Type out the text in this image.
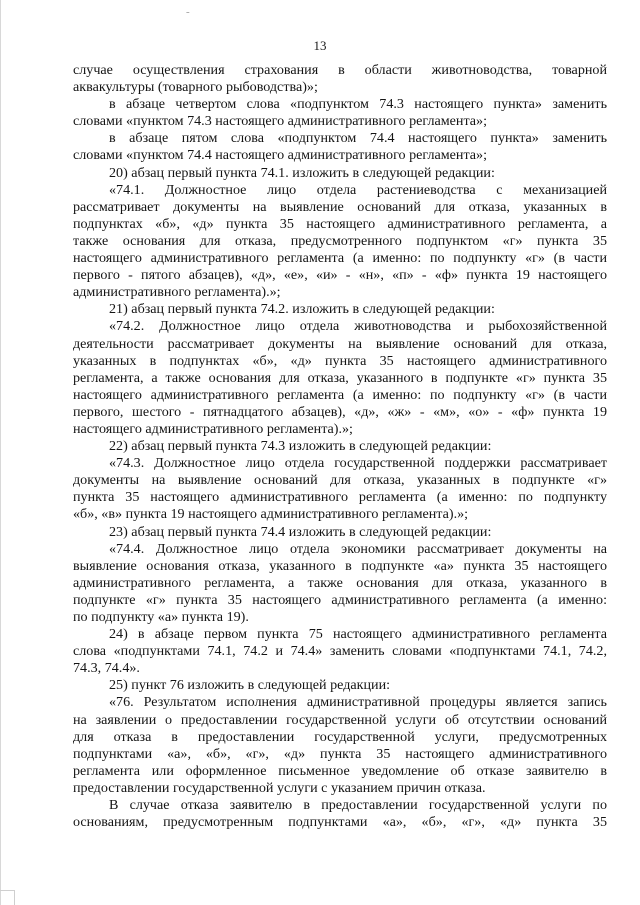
-
13
случае осуществления страхования в области животноводства, товарной
аквакультуры (товарного рыбоводства)»;
в абзаце четвертом слова «подпунктом 74.3 настоящего пункта» заменить
словами «пунктом 74.3 настоящего административного регламента»;
в абзаце пятом слова «подпунктом 74.4 настоящего пункта» заменить
словами «пунктом 74.4 настоящего административного регламента»;
20) абзац первый пункта 74.1. изложить в следующей редакции:
«74.1. Должностное лицо отдела растениеводства с механизацией
рассматривает документы на выявление оснований для отказа, указанных в
подпунктах «б», «д» пункта 35 настоящего административного регламента, а
также основания для отказа, предусмотренного подпунктом «г» пункта 35
настоящего административного регламента (а именно: по подпункту «г» (в части
первого - пятого абзацев), «д», «е», «и» - «н», «п» - «ф» пункта 19 настоящего
административного регламента).»;
21) абзац первый пункта 74.2. изложить в следующей редакции:
«74.2. Должностное лицо отдела животноводства и рыбохозяйственной
деятельности рассматривает документы на выявление оснований для отказа,
указанных в подпунктах «б», «д» пункта 35 настоящего административного
регламента, а также основания для отказа, указанного в подпункте «г» пункта 35
настоящего административного регламента (а именно: по подпункту «г» (в части
первого, шестого - пятнадцатого абзацев), «д», «ж» - «м», «о» - «ф» пункта 19
настоящего административного регламента).»;
22) абзац первый пункта 74.3 изложить в следующей редакции:
«74.3. Должностное лицо отдела государственной поддержки рассматривает
документы на выявление оснований для отказа, указанных в подпункте «г»
пункта 35 настоящего административного регламента (а именно: по подпункту
«б», «в» пункта 19 настоящего административного регламента).»;
23) абзац первый пункта 74.4 изложить в следующей редакции:
«74.4. Должностное лицо отдела экономики рассматривает документы на
выявление основания отказа, указанного в подпункте «а» пункта 35 настоящего
административного регламента, а также основания для отказа, указанного в
подпункте «г» пункта 35 настоящего административного регламента (а именно:
по подпункту «а» пункта 19).
24) в абзаце первом пункта 75 настоящего административного регламента
слова «подпунктами 74.1, 74.2 и 74.4» заменить словами «подпунктами 74.1, 74.2,
74.3, 74.4».
25) пункт 76 изложить в следующей редакции:
«76. Результатом исполнения административной процедуры является запись
на заявлении о предоставлении государственной услуги об отсутствии оснований
для отказа в предоставлении государственной услуги, предусмотренных
подпунктами «а», «б», «г», «д» пункта 35 настоящего административного
регламента или оформленное письменное уведомление об отказе заявителю в
предоставлении государственной услуги с указанием причин отказа.
В случае отказа заявителю в предоставлении государственной услуги по
основаниям, предусмотренным подпунктами «а», «б», «г», «д» пункта 35
